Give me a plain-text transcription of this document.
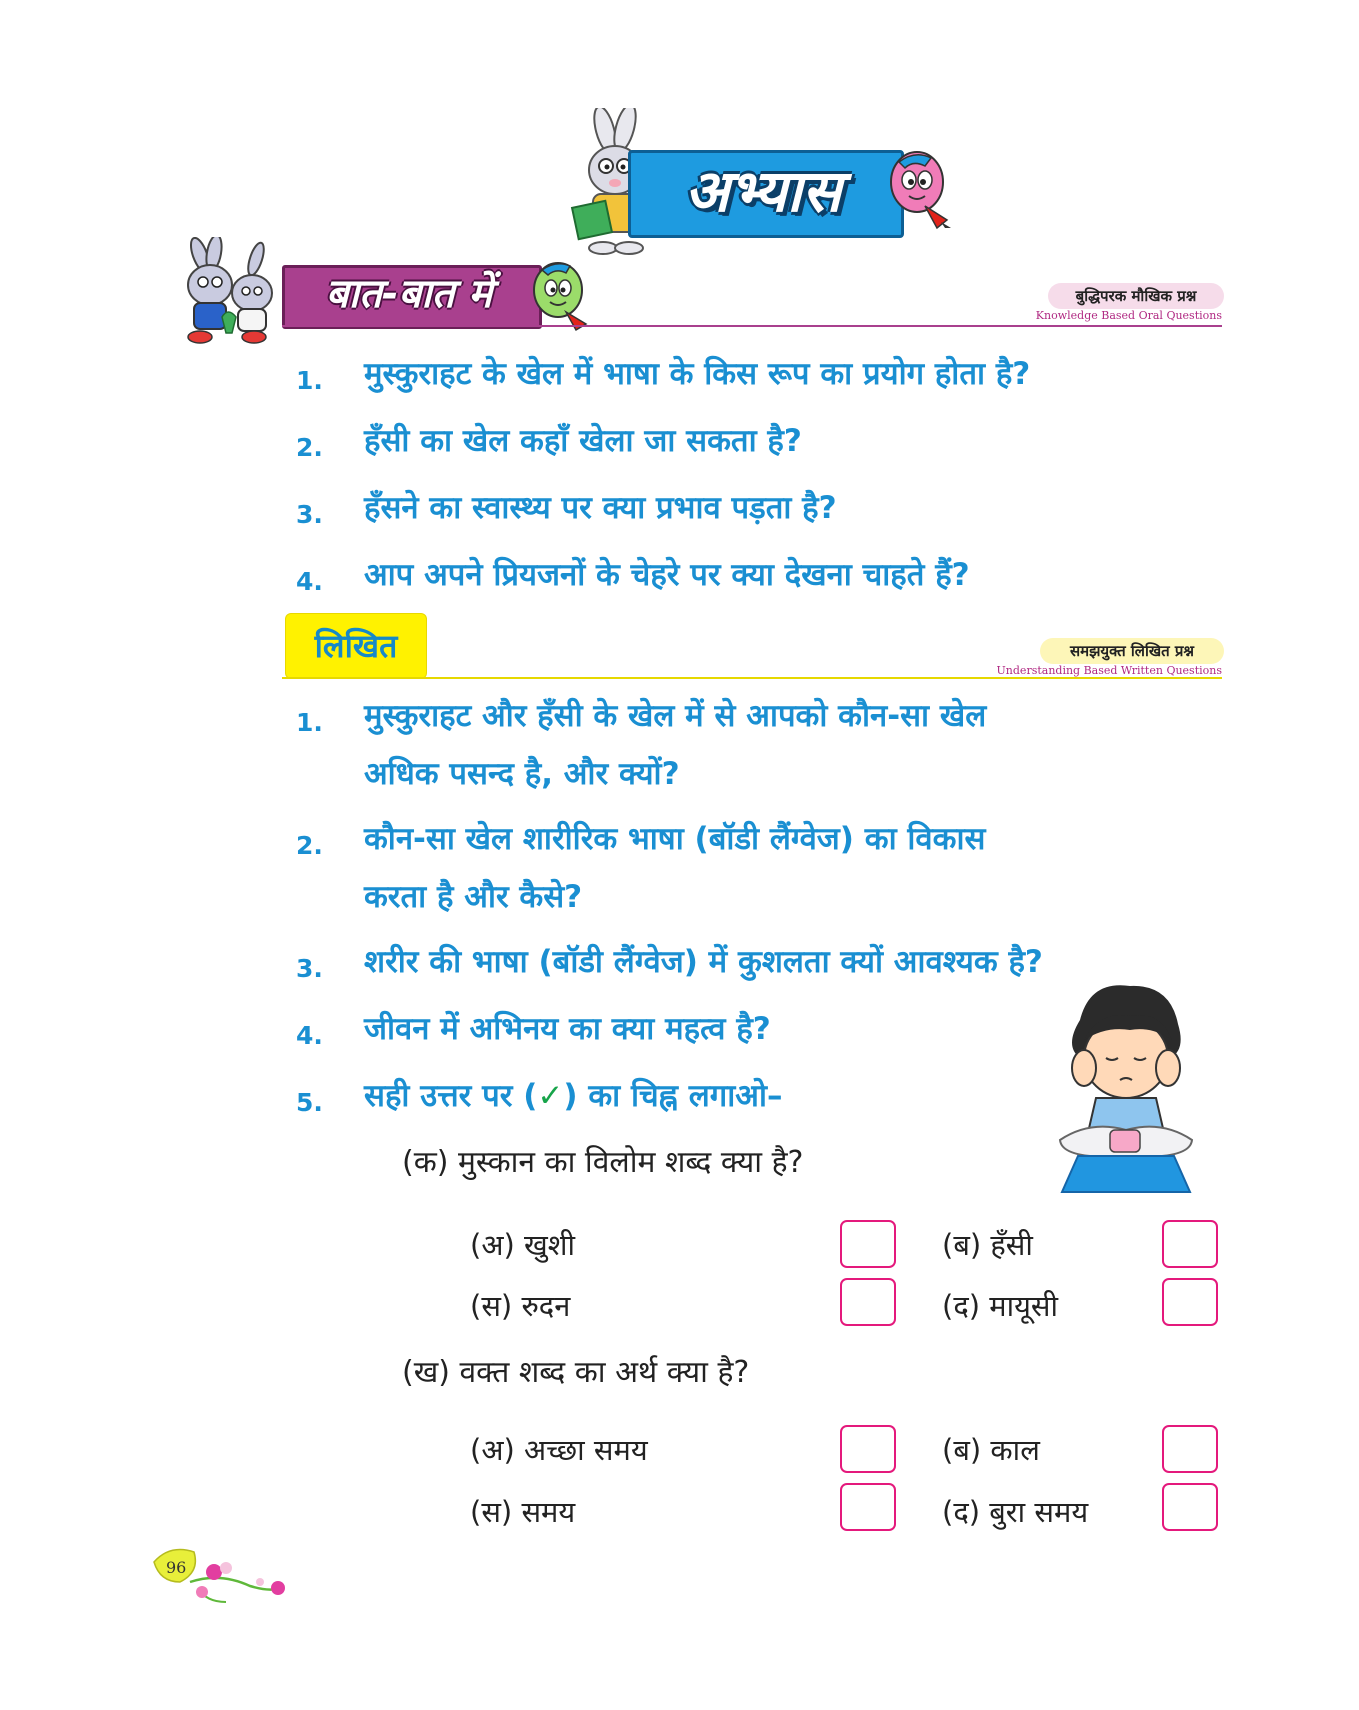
अभ्यास
बात-बात में	बुद्धिपरक मौखिक प्रश्न
Knowledge Based Oral Questions
1.	मुस्कुराहट के खेल में भाषा के किस रूप का प्रयोग होता है?
2.	हँसी का खेल कहाँ खेला जा सकता है?
3.	हँसने का स्वास्थ्य पर क्या प्रभाव पड़ता है?
4.	आप अपने प्रियजनों के चेहरे पर क्या देखना चाहते हैं?
लिखित	समझयुक्त लिखित प्रश्न
Understanding Based Written Questions
1.	मुस्कुराहट और हँसी के खेल में से आपको कौन-सा खेल
अधिक पसन्द है, और क्यों?
2.	कौन-सा खेल शारीरिक भाषा (बॉडी लैंग्वेज) का विकास
करता है और कैसे?
3.	शरीर की भाषा (बॉडी लैंग्वेज) में कुशलता क्यों आवश्यक है?
4.	जीवन में अभिनय का क्या महत्व है?
5.	सही उत्तर पर (✓) का चिह्न लगाओ–
(क) मुस्कान का विलोम शब्द क्या है?
(अ) खुशी	(ब) हँसी
(स) रुदन	(द) मायूसी
(ख) वक्त शब्द का अर्थ क्या है?
(अ) अच्छा समय	(ब) काल
(स) समय	(द) बुरा समय
96
